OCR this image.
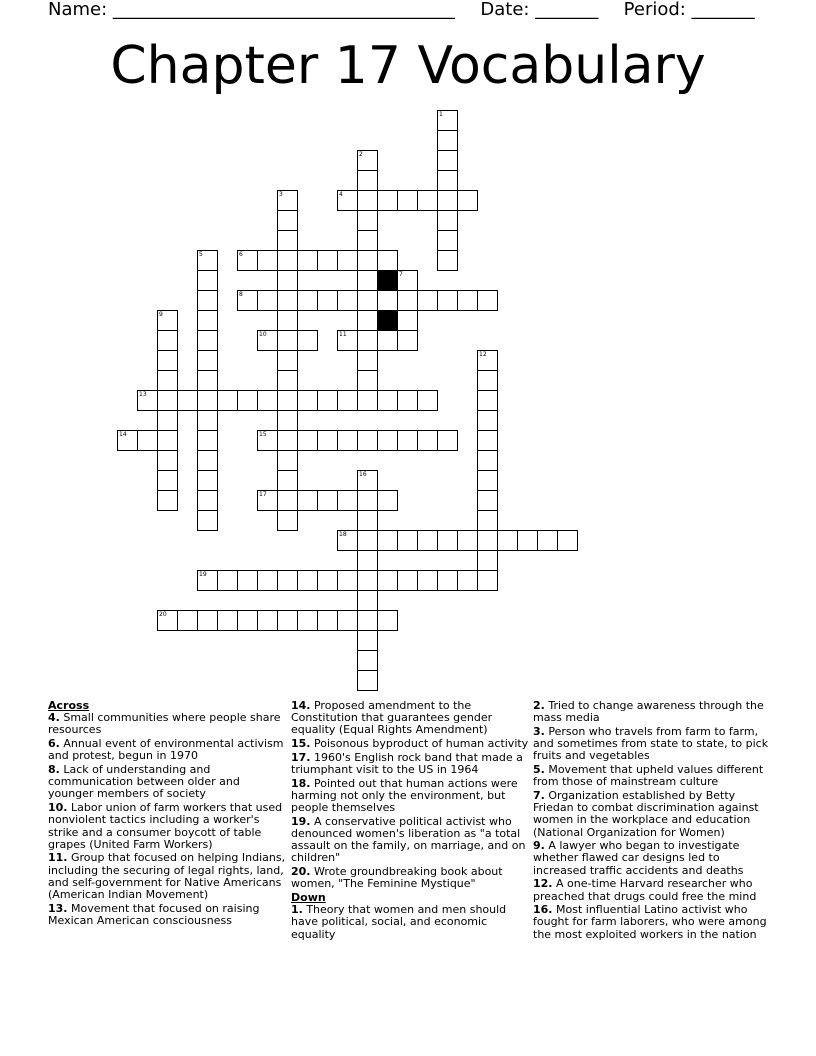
Name: ______________________________________ Date: _______ Period: _______
Chapter 17 Vocabulary
1
2
3	4
5	6
7
8
9
10	11
12
13
14	15
16
17
18
19
20
Across
4. Small communities where people share resources
6. Annual event of environmental activism and protest, begun in 1970
8. Lack of understanding and communication between older and younger members of society
10. Labor union of farm workers that used nonviolent tactics including a worker's strike and a consumer boycott of table grapes (United Farm Workers)
11. Group that focused on helping Indians, including the securing of legal rights, land, and self-government for Native Americans (American Indian Movement)
13. Movement that focused on raising Mexican American consciousness
14. Proposed amendment to the Constitution that guarantees gender equality (Equal Rights Amendment)
15. Poisonous byproduct of human activity
17. 1960's English rock band that made a triumphant visit to the US in 1964
18. Pointed out that human actions were harming not only the environment, but people themselves
19. A conservative political activist who denounced women's liberation as "a total assault on the family, on marriage, and on children"
20. Wrote groundbreaking book about women, "The Feminine Mystique"
Down
1. Theory that women and men should have political, social, and economic equality
2. Tried to change awareness through the mass media
3. Person who travels from farm to farm, and sometimes from state to state, to pick fruits and vegetables
5. Movement that upheld values different from those of mainstream culture
7. Organization established by Betty Friedan to combat discrimination against women in the workplace and education (National Organization for Women)
9. A lawyer who began to investigate whether flawed car designs led to increased traffic accidents and deaths
12. A one-time Harvard researcher who preached that drugs could free the mind
16. Most influential Latino activist who fought for farm laborers, who were among the most exploited workers in the nation
